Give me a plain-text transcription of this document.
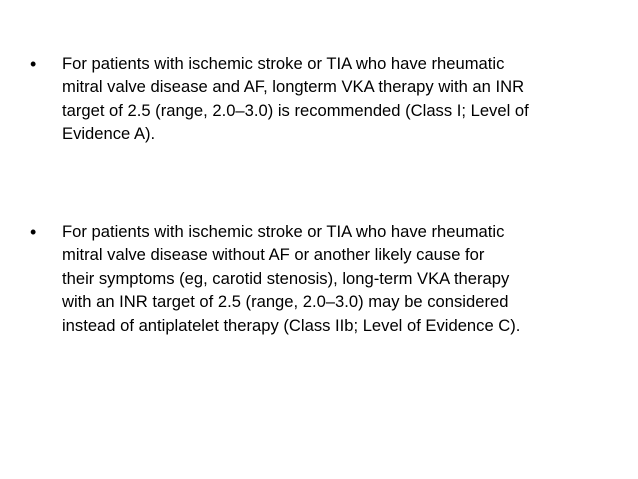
• For patients with ischemic stroke or TIA who have rheumatic
mitral valve disease and AF, longterm VKA therapy with an INR
target of 2.5 (range, 2.0–3.0) is recommended (Class I; Level of
Evidence A).
• For patients with ischemic stroke or TIA who have rheumatic
mitral valve disease without AF or another likely cause for
their symptoms (eg, carotid stenosis), long-term VKA therapy
with an INR target of 2.5 (range, 2.0–3.0) may be considered
instead of antiplatelet therapy (Class IIb; Level of Evidence C).
